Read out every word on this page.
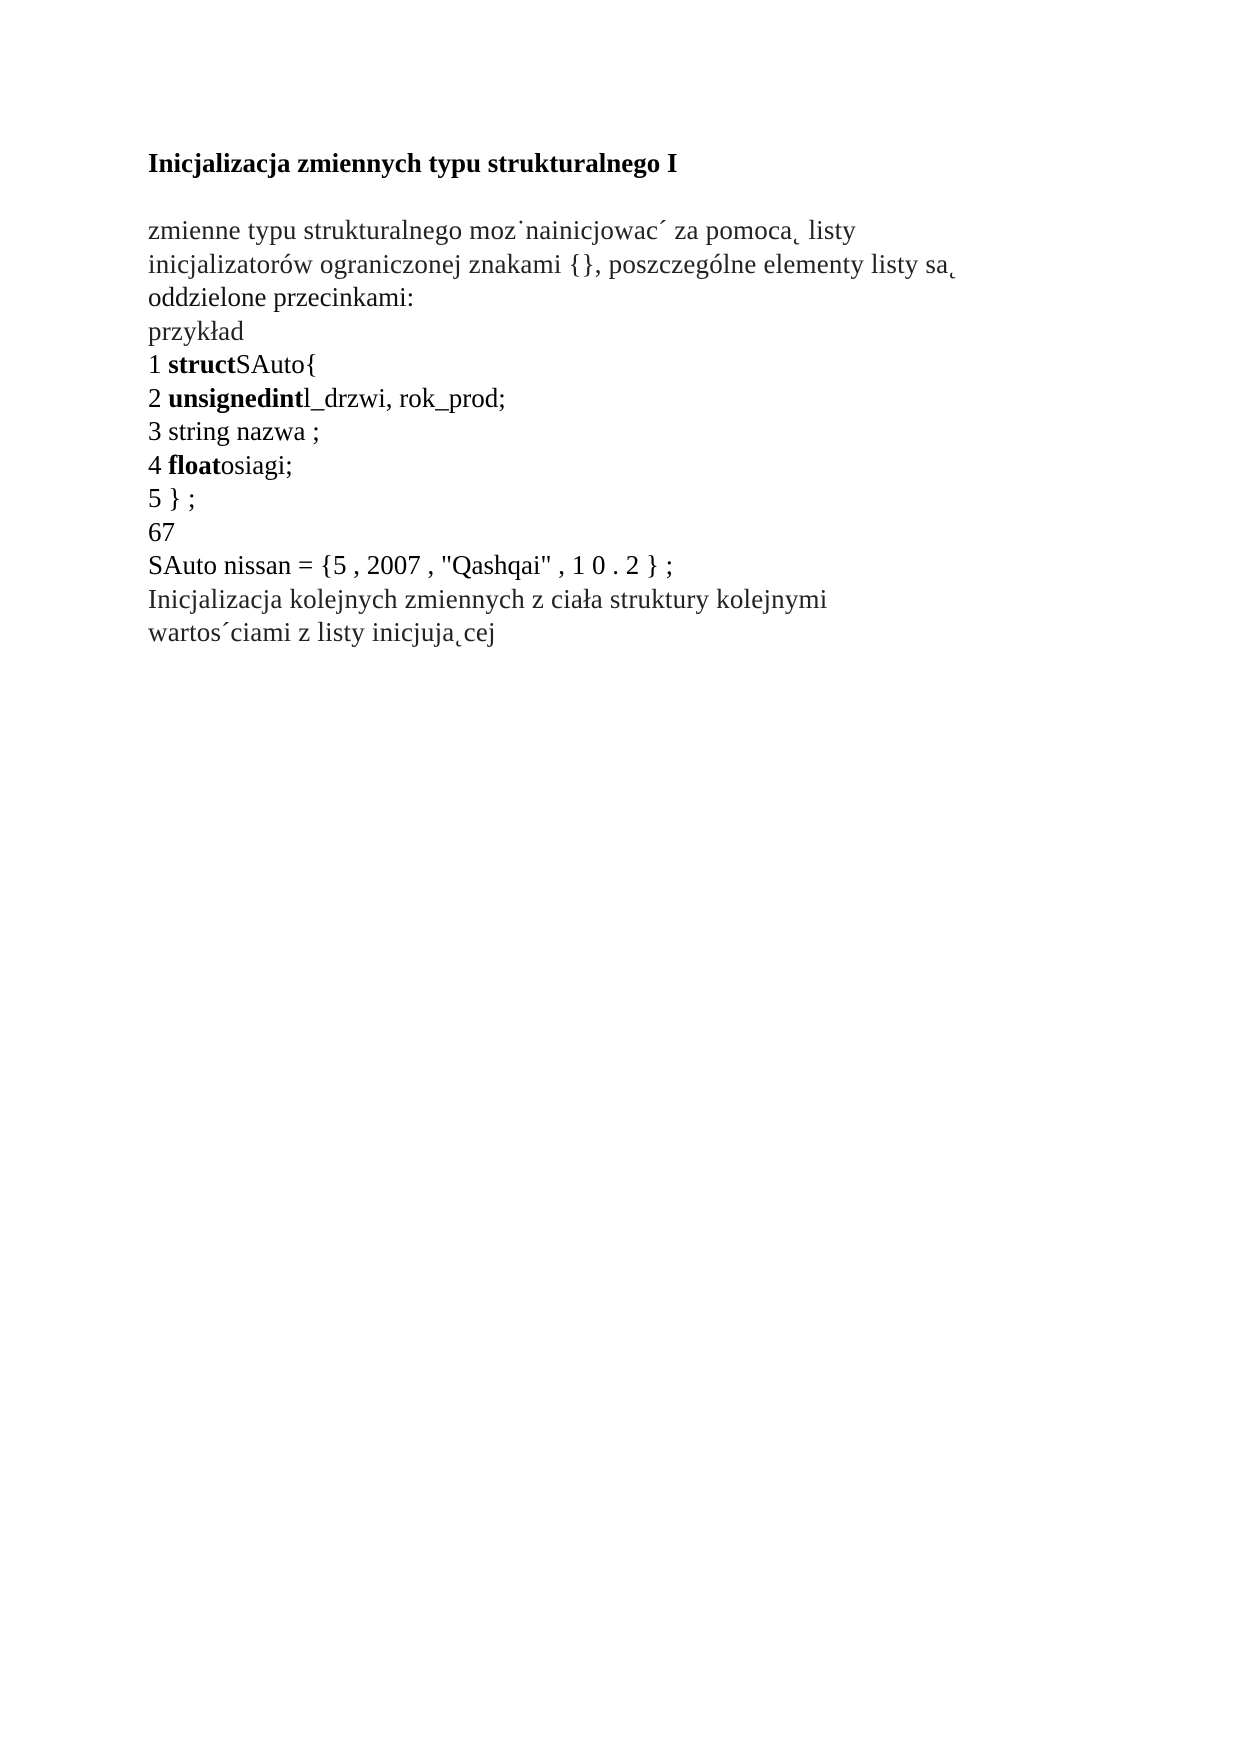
Inicjalizacja zmiennych typu strukturalnego I
zmienne typu strukturalnego moz˙nainicjowac´ za pomoca˛ listy
inicjalizatorów ograniczonej znakami {}, poszczególne elementy listy sa˛
oddzielone przecinkami:
przykład
1 structSAuto{
2 unsignedintl_drzwi, rok_prod;
3 string nazwa ;
4 floatosiagi;
5 } ;
67
SAuto nissan = {5 , 2007 , "Qashqai" , 1 0 . 2 } ;
Inicjalizacja kolejnych zmiennych z ciała struktury kolejnymi
wartos´ciami z listy inicjuja˛cej
